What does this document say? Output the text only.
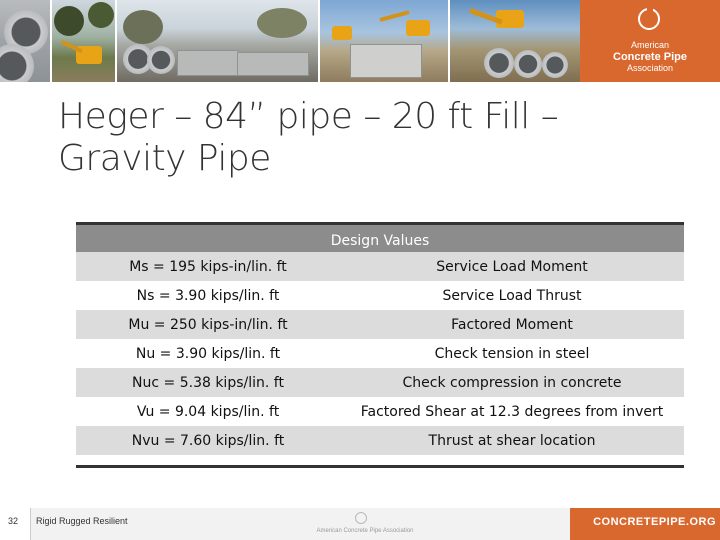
American
Concrete Pipe
Association
Heger – 84” pipe – 20 ft Fill –
Gravity Pipe
Design Values
Ms = 195 kips-in/lin. ft	Service Load Moment
Ns = 3.90 kips/lin. ft	Service Load Thrust
Mu = 250 kips-in/lin. ft	Factored Moment
Nu = 3.90 kips/lin. ft	Check tension in steel
Nuc = 5.38 kips/lin. ft	Check compression in concrete
Vu = 9.04 kips/lin. ft	Factored Shear at 12.3 degrees from invert
Nvu = 7.60 kips/lin. ft	Thrust at shear location
32	Rigid Rugged Resilient
American Concrete Pipe Association
CONCRETEPIPE.ORG
